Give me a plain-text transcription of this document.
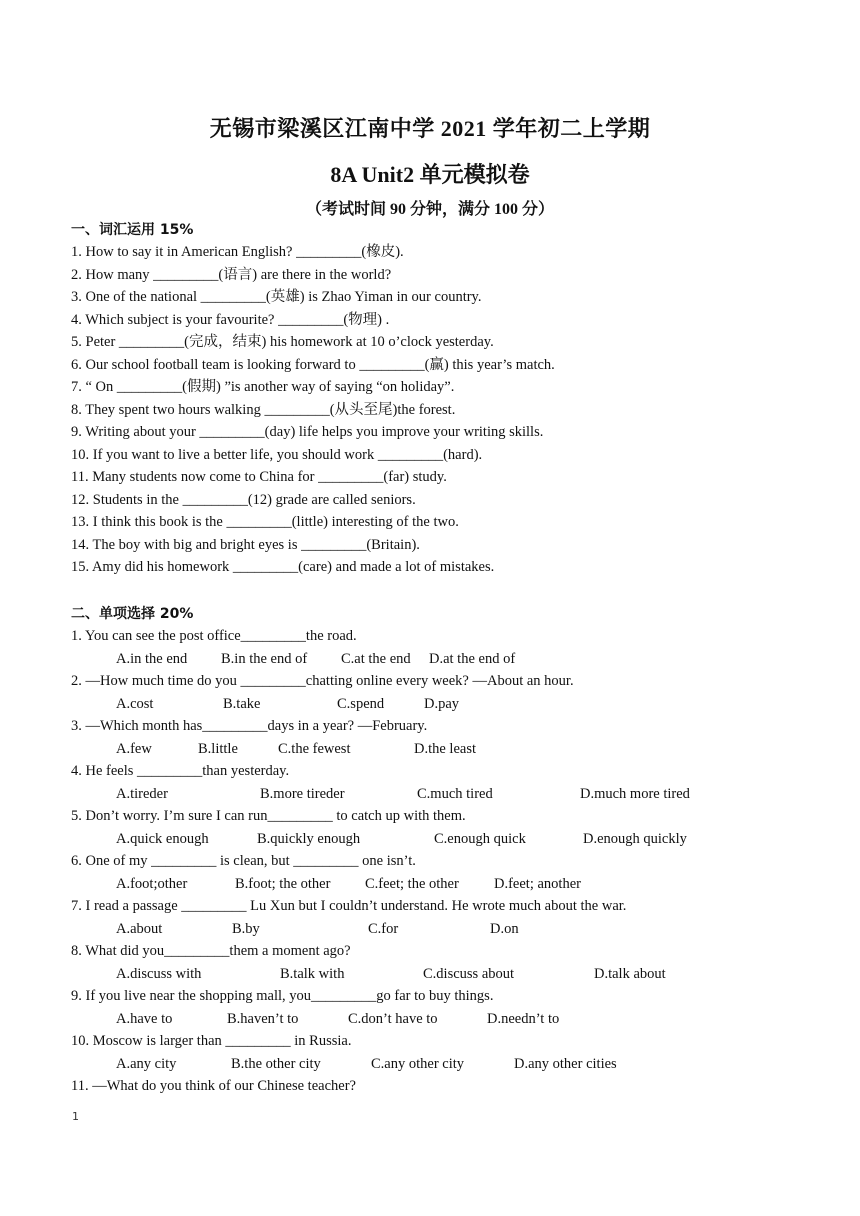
无锡市梁溪区江南中学 2021 学年初二上学期
8A Unit2 单元模拟卷
（考试时间 90 分钟，满分 100 分）
一、词汇运用 15%
1. How to say it in American English? _________(橡皮).
2. How many _________(语言) are there in the world?
3. One of the national _________(英雄) is Zhao Yiman in our country.
4. Which subject is your favourite? _________(物理) .
5. Peter _________(完成，结束) his homework at 10 o’clock yesterday.
6. Our school football team is looking forward to _________(赢) this year’s match.
7. “ On _________(假期) ”is another way of saying “on holiday”.
8. They spent two hours walking _________(从头至尾)the forest.
9. Writing about your _________(day) life helps you improve your writing skills.
10. If you want to live a better life, you should work _________(hard).
11. Many students now come to China for _________(far) study.
12. Students in the _________(12) grade are called seniors.
13. I think this book is the _________(little) interesting of the two.
14. The boy with big and bright eyes is _________(Britain).
15. Amy did his homework _________(care) and made a lot of mistakes.
二、单项选择 20%
1. You can see the post office_________the road.
A.in the end B.in the end of C.at the end D.at the end of
2. —How much time do you _________chatting online every week? —About an hour.
A.cost	B.take	C.spend	D.pay
3. —Which month has_________days in a year? —February.
A.few	B.little	C.the fewest	D.the least
4. He feels _________than yesterday.
A.tireder	B.more tireder	C.much tired	D.much more tired
5. Don’t worry. I’m sure I can run_________ to catch up with them.
A.quick enough	B.quickly enough	C.enough quick	D.enough quickly
6. One of my _________ is clean, but _________ one isn’t.
A.foot;other	B.foot; the other C.feet; the other D.feet; another
7. I read a passage _________ Lu Xun but I couldn’t understand. He wrote much about the war.
A.about	B.by	C.for	D.on
8. What did you_________them a moment ago?
A.discuss with	B.talk with	C.discuss about	D.talk about
9. If you live near the shopping mall, you_________go far to buy things.
A.have to	B.haven’t to	C.don’t have to	D.needn’t to
10. Moscow is larger than _________ in Russia.
A.any city	B.the other city	C.any other city	D.any other cities
11. —What do you think of our Chinese teacher?
1
